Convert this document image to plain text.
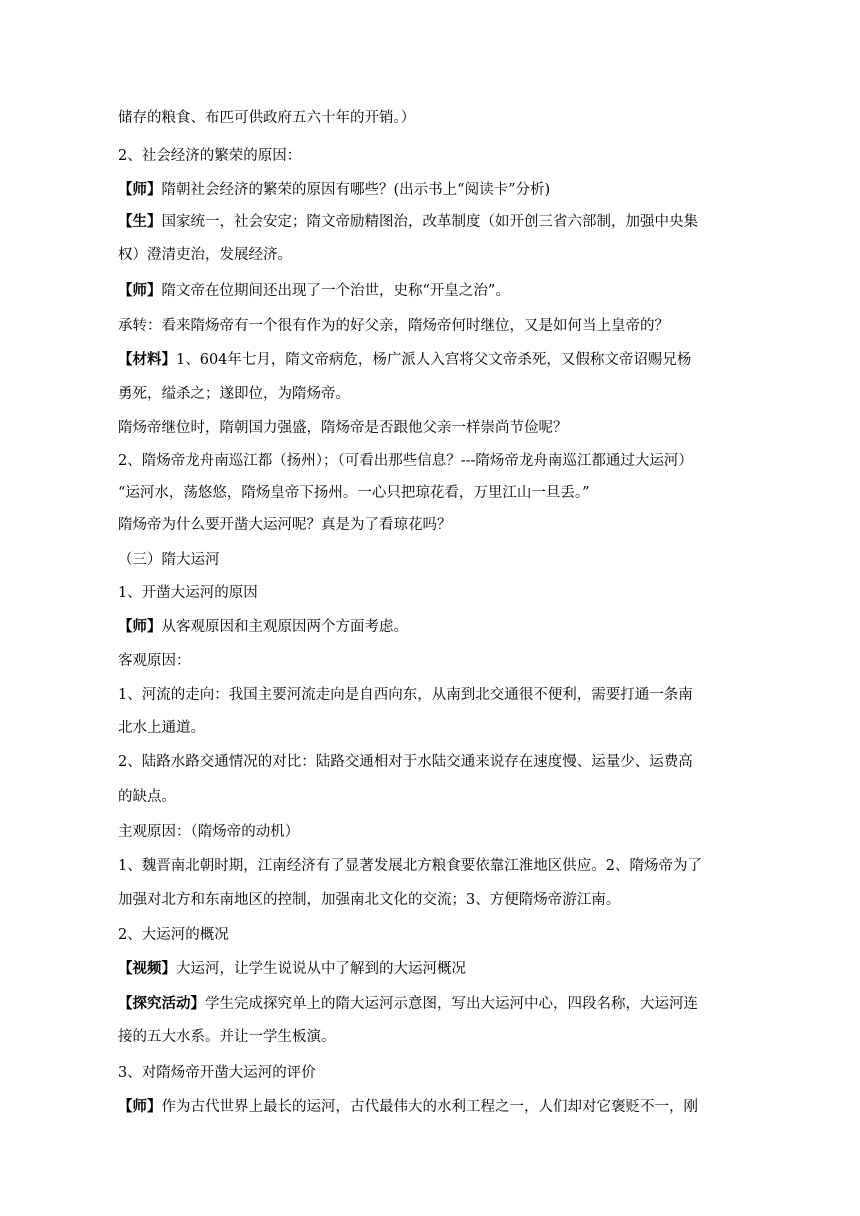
储存的粮食、布匹可供政府五六十年的开销。）
2、社会经济的繁荣的原因：
【师】隋朝社会经济的繁荣的原因有哪些？(出示书上“阅读卡”分析)
【生】国家统一，社会安定；隋文帝励精图治，改革制度（如开创三省六部制，加强中央集
权）澄清吏治，发展经济。
【师】隋文帝在位期间还出现了一个治世，史称“开皇之治”。
承转：看来隋炀帝有一个很有作为的好父亲，隋炀帝何时继位，又是如何当上皇帝的？
【材料】1、604年七月，隋文帝病危，杨广派人入宫将父文帝杀死，又假称文帝诏赐兄杨
勇死，缢杀之；遂即位，为隋炀帝。
隋炀帝继位时，隋朝国力强盛，隋炀帝是否跟他父亲一样崇尚节俭呢？
2、隋炀帝龙舟南巡江都（扬州）；（可看出那些信息？---隋炀帝龙舟南巡江都通过大运河）
“运河水，荡悠悠，隋炀皇帝下扬州。一心只把琼花看，万里江山一旦丢。”
隋炀帝为什么要开凿大运河呢？真是为了看琼花吗？
（三）隋大运河
1、开凿大运河的原因
【师】从客观原因和主观原因两个方面考虑。
客观原因：
1、河流的走向：我国主要河流走向是自西向东，从南到北交通很不便利，需要打通一条南
北水上通道。
2、陆路水路交通情况的对比：陆路交通相对于水陆交通来说存在速度慢、运量少、运费高
的缺点。
主观原因：（隋炀帝的动机）
1、魏晋南北朝时期，江南经济有了显著发展北方粮食要依靠江淮地区供应。2、隋炀帝为了
加强对北方和东南地区的控制，加强南北文化的交流；3、方便隋炀帝游江南。
2、大运河的概况
【视频】大运河，让学生说说从中了解到的大运河概况
【探究活动】学生完成探究单上的隋大运河示意图，写出大运河中心，四段名称，大运河连
接的五大水系。并让一学生板演。
3、对隋炀帝开凿大运河的评价
【师】作为古代世界上最长的运河，古代最伟大的水利工程之一，人们却对它褒贬不一，刚
